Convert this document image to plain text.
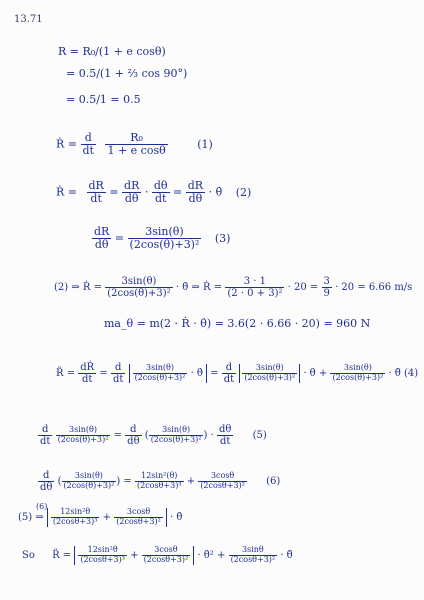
13.71
R = R₀/(1 + e cosθ)
= 0.5/(1 + ⅔ cos 90°)
= 0.5/1 = 0.5
Ṙ = $\frac{d}{dt}$
$\frac{\text{R₀}}{\text{1 + e cosθ}}$	(1)
Ṙ = $\frac{dR}{dt} = \frac{dR}{d\theta} \cdot \frac{d\theta}{dt} = \frac{dR}{d\theta}$ · θ̇ (2)
$\frac{dR}{d\theta} = \frac{3\sin(\theta)}{\text{(2cos(θ)+3)²}} (3)$
(2) ⇒ Ṙ = $\frac{3\sin(\theta)}{\text{(2cos(θ)+3)²}}$ · θ̇ ⇒ Ṙ = $\frac{3 \cdot 1}{\text{(2 · 0 + 3)²}} \cdot 20 = \frac{3}{9} \cdot 20 = 6.66$ m/s
ma_θ = m(2 · Ṙ · θ̇) = 3.6(2 · 6.66 · 20) = 960 N
R̈ = $\frac{\text{dṘ}}{dt} = \frac{d}{dt}$
$\frac{3\sin(\theta)}{\text{(2cos(θ)+3)²}}$ · θ̇ = $\frac{d}{dt}$
$\frac{3\sin(\theta)}{\text{(2cos(θ)+3)²}}$ · θ̇ + $\frac{3\sin(\theta)}{\text{(2cos(θ)+3)²}}$ · θ̈ (4)
$\frac{d}{dt}$
$\frac{3\sin(\theta)}{\text{(2cos(θ)+3)²}} = \frac{d}{d\theta}$ ( $\frac{3\sin(\theta)}{\text{(2cos(θ)+3)²}}$ ) · $\frac{d\theta}{dt} (5)$
$\frac{d}{d\theta}$ ( $\frac{3\sin(\theta)}{\text{(2cos(θ)+3)²}}$ ) = $\frac{\text{12sin²(θ)}}{\text{(2cosθ+3)³}} + \frac{3\cos\theta}{\text{(2cosθ+3)²}} (6)$
(6)
(5) ⇒ $\frac{\text{12sin²θ}}{\text{(2cosθ+3)³}} + \frac{3\cos\theta}{\text{(2cosθ+3)²}}$ · θ̇
So R̈ = $\frac{\text{12sin²θ}}{\text{(2cosθ+3)³}} + \frac{3\cos\theta}{\text{(2cosθ+3)²}}$ · θ̇² + $\frac{3\sin\theta}{\text{(2cosθ+3)²}}$ · θ̈
